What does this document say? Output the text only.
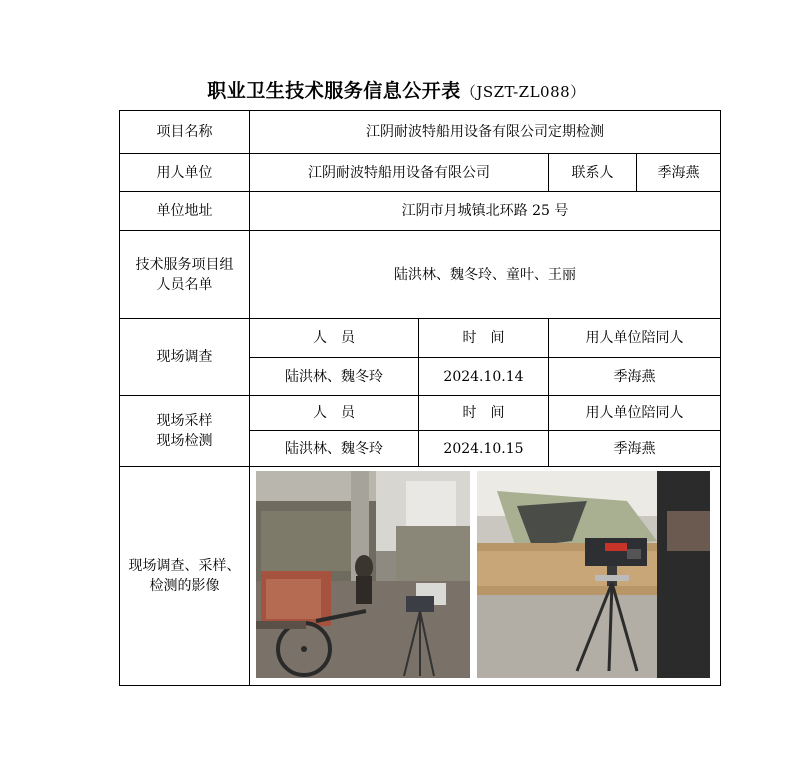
职业卫生技术服务信息公开表（JSZT-ZL088）
项目名称	江阴耐波特船用设备有限公司定期检测		
用人单位	江阴耐波特船用设备有限公司		联系人 季海燕

单位地址	江阴市月城镇北环路 25 号		

技术服务项目组
人员名单	陆洪林、魏冬玲、童叶、王丽		
现场调查	人　员	时　间	用人单位陪同人
	陆洪林、魏冬玲	2024.10.14	季海燕

现场采样
现场检测	人　员	时　间	用人单位陪同人
	陆洪林、魏冬玲	2024.10.15	季海燕

现场调查、采样、
检测的影像
